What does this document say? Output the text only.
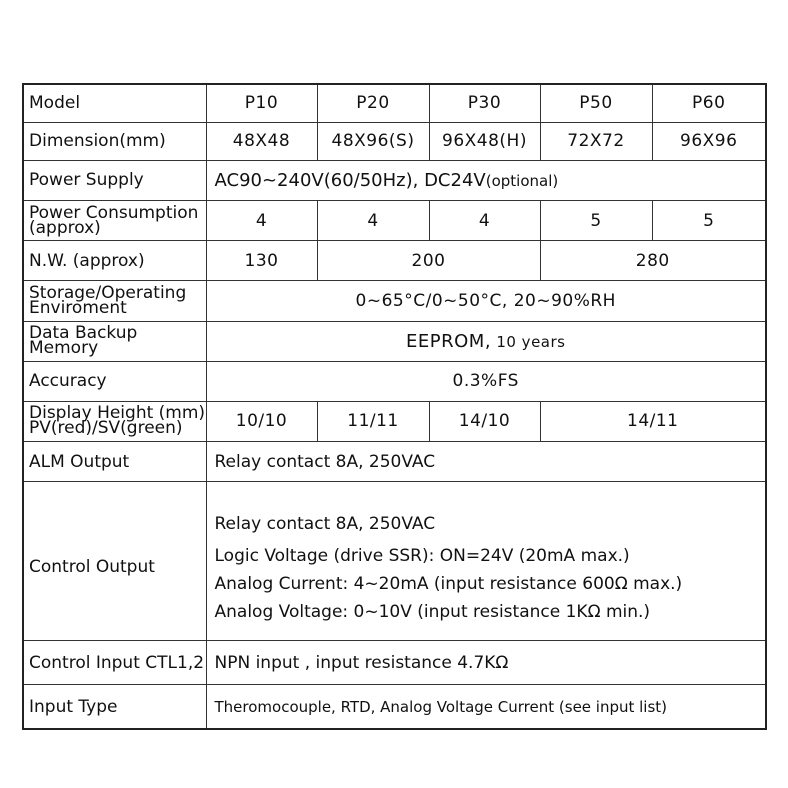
Model	P10	P20	P30	P50	P60
Dimension(mm)	48X48	48X96(S)	96X48(H)	72X72	96X96
Power Supply	AC90~240V(60/50Hz), DC24V(optional)				

Power Consumption
(approx)	4	4	4	5	5
N.W. (approx)	130	200		280	

Storage/Operating
Enviroment	0~65°C/0~50°C, 20~90%RH				

Data Backup
Memory	EEPROM, 10 years				
Accuracy	0.3%FS				

Display Height (mm)
PV(red)/SV(green)	10/10	11/11	14/10	14/11	
ALM Output	Relay contact 8A, 250VAC				
Control Output	Relay contact 8A, 250VAC
Logic Voltage (drive SSR): ON=24V (20mA max.)
Analog Current: 4~20mA (input resistance 600Ω max.)
Analog Voltage: 0~10V (input resistance 1KΩ min.)				

Control Input CTL1,2	NPN input , input resistance 4.7KΩ				
Input Type	Theromocouple, RTD, Analog Voltage Current (see input list)				
